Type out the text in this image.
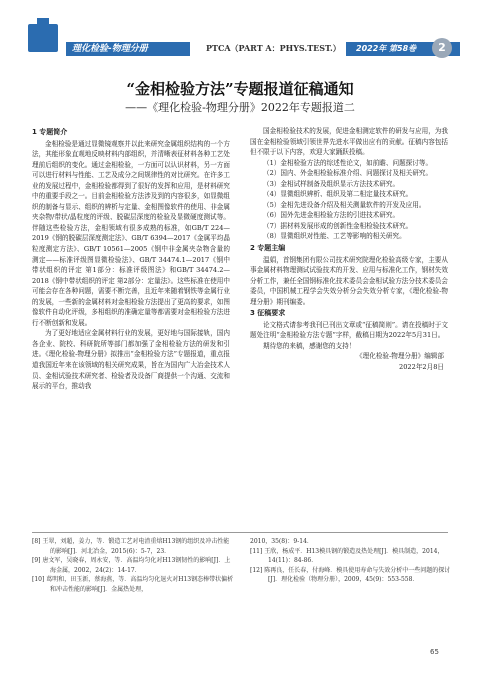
理化检验-物理分册	PTCA（PART A：PHYS.TEST.）	2022年 第58卷	2
“金相检验方法”专题报道征稿通知
——《理化检验-物理分册》2022年专题报道二
1 专题简介

金相检验是通过显微镜观察并以此来研究金属组织结构的一个方法，其能形象直观地反映材料内部组织，并清晰表征材料各种工艺处理前后组织的变化。通过金相检验，一方面可以认识材料，另一方面可以进行材料与性能、工艺及成分之间规律性的对比研究。在许多工业的发展过程中，金相检验都得到了很好的发挥和应用，是材料研究中的重要手段之一。目前金相检验方法涉及到的内容很多，如显微组织的制备与显示、组织的辨析与定量、金相图像软件的使用、非金属夹杂物/带状/晶粒度的评级、脱碳层深度的检验及显微硬度测试等。伴随这些检验方法，金相领域有很多成熟的标准，如GB/T 224—2019《钢的脱碳层深度测定法》、GB/T 6394—2017《金属平均晶粒度测定方法》、GB/T 10561—2005《钢中非金属夹杂物含量的测定——标准评级图显微检验法》、GB/T 34474.1—2017《钢中带状组织的评定 第1部分：标准评级图法》和GB/T 34474.2—2018《钢中带状组织的评定 第2部分：定量法》。这些标准在使用中可能会存在各种问题，需要不断完善，且近年来随着钢铁等金属行业的发展，一些新的金属材料对金相检验方法提出了更高的要求，如图像软件自动化评级，多相组织的准确定量等都需要对金相检验方法进行不断创新和发展。

为了更好地适应金属材料行业的发展，更好地与国际接轨，国内各企业、院校、科研院所等部门都加强了金相检验方法的研发和引进。《理化检验-物理分册》拟推出“金相检验方法”专题报道，重点报道我国近年来在该领域的相关研究成果，旨在为国内广大冶金技术人员、金相试验技术研究者、检验者及设备厂商提供一个沟通、交流和展示的平台，推动我

国金相检验技术的发展，促进金相测定软件的研发与应用，为我国在金相检验领域引领世界先进水平做出应有的贡献。征稿内容包括但不限于以下内容，欢迎大家踊跃投稿。

（1）金相检验方法的综述性论文，如前瞻、问题探讨等。

（2）国内、外金相检验标准介绍、问题探讨及相关研究。

（3）金相试样制备及组织显示方法技术研究。

（4）显微组织辨析、组织及第二相定量技术研究。

（5）金相先进设备介绍及相关测量软件的开发及应用。

（6）国外先进金相检验方法的引进技术研究。

（7）据材料发展形成的创新性金相检验技术研究。

（8）显微组织对性能、工艺等影响的相关研究。

2 专题主编

温娟，首钢集团有限公司技术研究院理化检验高级专家，主要从事金属材料物理测试试验技术的开发、应用与标准化工作，钢材失效分析工作，兼任全国钢标准化技术委员会金相试验方法分技术委员会委员，中国机械工程学会失效分析分会失效分析专家，《理化检验-物理分册》期刊编委。

3 征稿要求

论文格式请参考我刊已刊出文章或“征稿简则”。请在投稿时于文题处注明“金相检验方法专题”字样，截稿日期为2022年5月31日。

期待您的来稿，感谢您的支持！

《理化检验-物理分册》编辑部

2022年2月8日

[8] 王翠，刘超，姜力，等．锻造工艺对电渣重熔H13钢的组织及冲击性能的影响[J]．河北冶金，2015(6)：5-7，23．

[9] 唐文军，吴晓春，周永安，等．高温均匀化对H13钢韧性的影响[J]．上海金属，2002，24(2)：14-17．

[10] 葛明和，田玉新，蔡海燕，等．高温均匀化退火对H13钢态棒带状偏析和冲击性能的影响[J]．金属热处理，

2010，35(8)：9-14．

[11] 王欣，杨成平．H13模具钢的锻造及热处理[J]．模具制造，2014，14(11)：84-86．

[12] 陈再良，任长春，付海峰．模具使用寿命与失效分析中一些问题的探讨[J]．理化检验（物理分册），2009，45(9)：553-558．

65
